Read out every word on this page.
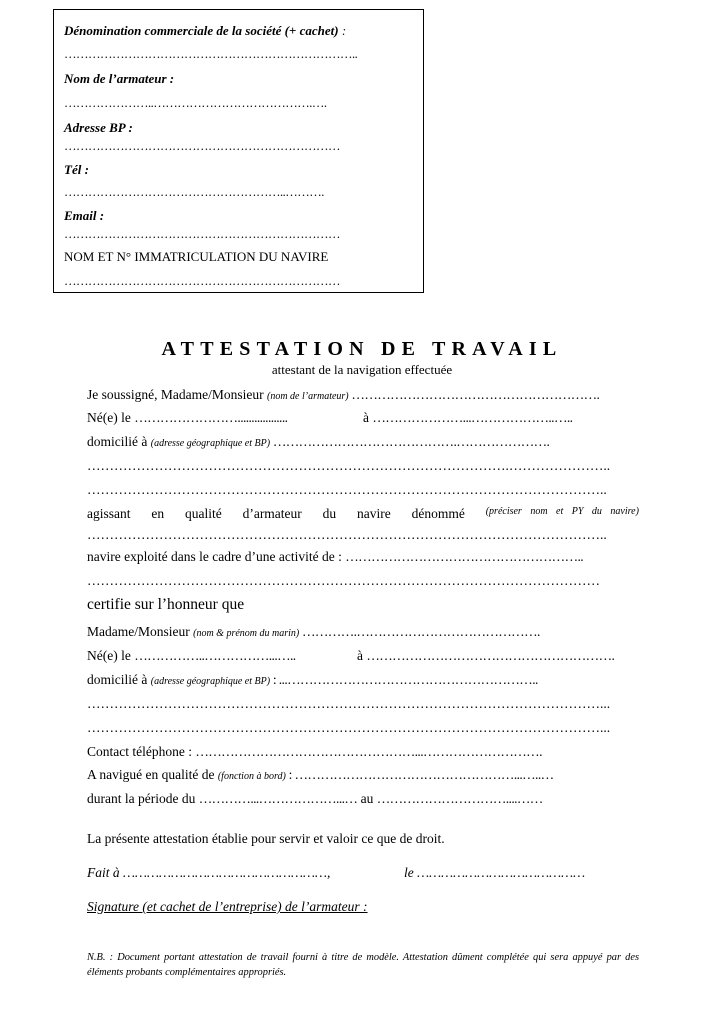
Dénomination commerciale de la société (+ cachet) :
………………………………………………………………..
Nom de l’armateur :
…………………..………………………………….….
Adresse BP :
……………………………………………………………
Tél :
………………………………………………..……….
Email :
……………………………………………………………
NOM ET N° IMMATRICULATION DU NAVIRE
……………………………………………………………
ATTESTATION DE TRAVAIL
attestant de la navigation effectuée
Je soussigné, Madame/Monsieur (nom de l’armateur) ………………………………………………….
Né(e) le ……………………..................	à …………………...………………..…..
domicilié à (adresse géographique et BP) …………………………………….………………….
………………………………………………………………………………….…………………..
……………………………………………………………………………………………………..
agissant en qualité d’armateur du navire dénommé (préciser nom et PY du navire)
……………………………………………………………………………………………………..
navire exploité dans le cadre d’une activité de : ………………………………………………..
……………………………………………………………………………………………………
certifie sur l’honneur que
Madame/Monsieur (nom & prénom du marin) ………….…………………………………….
Né(e) le ……………..……………...…..	à ………………………………………………….
domicilié à (adresse géographique et BP) : ...…………………………………………………..
……………………………………………………………………………………………………...
……………………………………………………………………………………………………...
Contact téléphone : ……………………………………………...……………………….
A navigué en qualité de (fonction à bord) : ……………………………………………...…..…
durant la période du …………...………………...… au …………………………....……
La présente attestation établie pour servir et valoir ce que de droit.
Fait à ……………………………………………,	le ……………………………………
Signature (et cachet de l’entreprise) de l’armateur :
N.B. : Document portant attestation de travail fourni à titre de modèle. Attestation dûment complétée qui sera appuyé par des éléments probants complémentaires appropriés.
